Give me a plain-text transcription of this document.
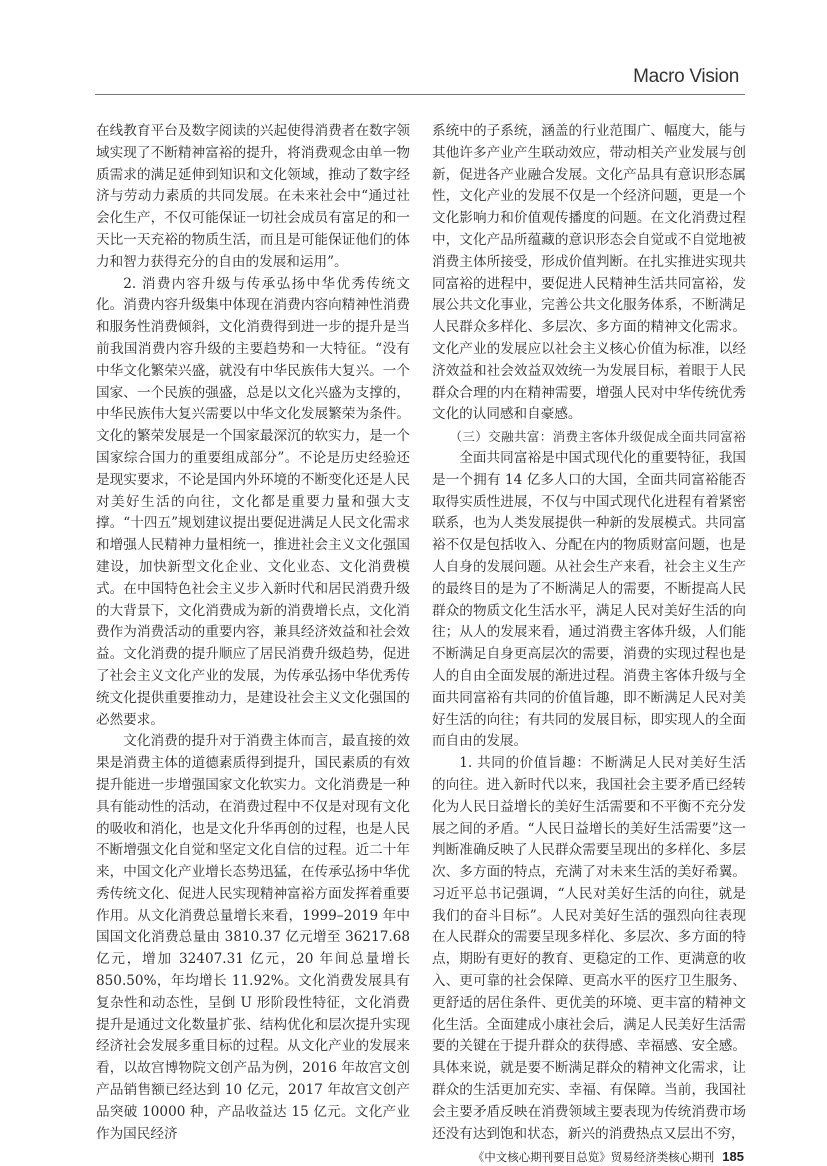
Macro Vision

在线教育平台及数字阅读的兴起使得消费者在数字领域实现了不断精神富裕的提升，将消费观念由单一物质需求的满足延伸到知识和文化领域，推动了数字经济与劳动力素质的共同发展。在未来社会中“通过社会化生产，不仅可能保证一切社会成员有富足的和一天比一天充裕的物质生活，而且是可能保证他们的体力和智力获得充分的自由的发展和运用”。

2. 消费内容升级与传承弘扬中华优秀传统文化。消费内容升级集中体现在消费内容向精神性消费和服务性消费倾斜，文化消费得到进一步的提升是当前我国消费内容升级的主要趋势和一大特征。“没有中华文化繁荣兴盛，就没有中华民族伟大复兴。一个国家、一个民族的强盛，总是以文化兴盛为支撑的，中华民族伟大复兴需要以中华文化发展繁荣为条件。文化的繁荣发展是一个国家最深沉的软实力，是一个国家综合国力的重要组成部分”。不论是历史经验还是现实要求，不论是国内外环境的不断变化还是人民对美好生活的向往，文化都是重要力量和强大支撑。“十四五”规划建议提出要促进满足人民文化需求和增强人民精神力量相统一，推进社会主义文化强国建设，加快新型文化企业、文化业态、文化消费模式。在中国特色社会主义步入新时代和居民消费升级的大背景下，文化消费成为新的消费增长点，文化消费作为消费活动的重要内容，兼具经济效益和社会效益。文化消费的提升顺应了居民消费升级趋势，促进了社会主义文化产业的发展，为传承弘扬中华优秀传统文化提供重要推动力，是建设社会主义文化强国的必然要求。

文化消费的提升对于消费主体而言，最直接的效果是消费主体的道德素质得到提升，国民素质的有效提升能进一步增强国家文化软实力。文化消费是一种具有能动性的活动，在消费过程中不仅是对现有文化的吸收和消化，也是文化升华再创的过程，也是人民不断增强文化自觉和坚定文化自信的过程。近二十年来，中国文化产业增长态势迅猛，在传承弘扬中华优秀传统文化、促进人民实现精神富裕方面发挥着重要作用。从文化消费总量增长来看，1999–2019 年中国国文化消费总量由 3810.37 亿元增至 36217.68 亿元，增加 32407.31 亿元，20 年间总量增长 850.50%，年均增长 11.92%。文化消费发展具有复杂性和动态性，呈倒 U 形阶段性特征，文化消费提升是通过文化数量扩张、结构优化和层次提升实现经济社会发展多重目标的过程。从文化产业的发展来看，以故宫博物院文创产品为例，2016 年故宫文创产品销售额已经达到 10 亿元，2017 年故宫文创产品突破 10000 种，产品收益达 15 亿元。文化产业作为国民经济

系统中的子系统，涵盖的行业范围广、幅度大，能与其他许多产业产生联动效应，带动相关产业发展与创新，促进各产业融合发展。文化产品具有意识形态属性，文化产业的发展不仅是一个经济问题，更是一个文化影响力和价值观传播度的问题。在文化消费过程中，文化产品所蕴藏的意识形态会自觉或不自觉地被消费主体所接受，形成价值判断。在扎实推进实现共同富裕的进程中，要促进人民精神生活共同富裕，发展公共文化事业，完善公共文化服务体系，不断满足人民群众多样化、多层次、多方面的精神文化需求。文化产业的发展应以社会主义核心价值为标准，以经济效益和社会效益双效统一为发展目标，着眼于人民群众合理的内在精神需要，增强人民对中华传统优秀文化的认同感和自豪感。

（三）交融共富：消费主客体升级促成全面共同富裕

全面共同富裕是中国式现代化的重要特征，我国是一个拥有 14 亿多人口的大国，全面共同富裕能否取得实质性进展，不仅与中国式现代化进程有着紧密联系，也为人类发展提供一种新的发展模式。共同富裕不仅是包括收入、分配在内的物质财富问题，也是人自身的发展问题。从社会生产来看，社会主义生产的最终目的是为了不断满足人的需要，不断提高人民群众的物质文化生活水平，满足人民对美好生活的向往；从人的发展来看，通过消费主客体升级，人们能不断满足自身更高层次的需要，消费的实现过程也是人的自由全面发展的渐进过程。消费主客体升级与全面共同富裕有共同的价值旨趣，即不断满足人民对美好生活的向往；有共同的发展目标，即实现人的全面而自由的发展。

1. 共同的价值旨趣：不断满足人民对美好生活的向往。进入新时代以来，我国社会主要矛盾已经转化为人民日益增长的美好生活需要和不平衡不充分发展之间的矛盾。“人民日益增长的美好生活需要”这一判断准确反映了人民群众需要呈现出的多样化、多层次、多方面的特点，充满了对未来生活的美好希翼。习近平总书记强调，“人民对美好生活的向往，就是我们的奋斗目标”。人民对美好生活的强烈向往表现在人民群众的需要呈现多样化、多层次、多方面的特点，期盼有更好的教育、更稳定的工作、更满意的收入、更可靠的社会保障、更高水平的医疗卫生服务、更舒适的居住条件、更优美的环境、更丰富的精神文化生活。全面建成小康社会后，满足人民美好生活需要的关键在于提升群众的获得感、幸福感、安全感。具体来说，就是要不断满足群众的精神文化需求，让群众的生活更加充实、幸福、有保障。当前，我国社会主要矛盾反映在消费领域主要表现为传统消费市场还没有达到饱和状态，新兴的消费热点又层出不穷，

《中文核心期刊要目总览》贸易经济类核心期刊 185
